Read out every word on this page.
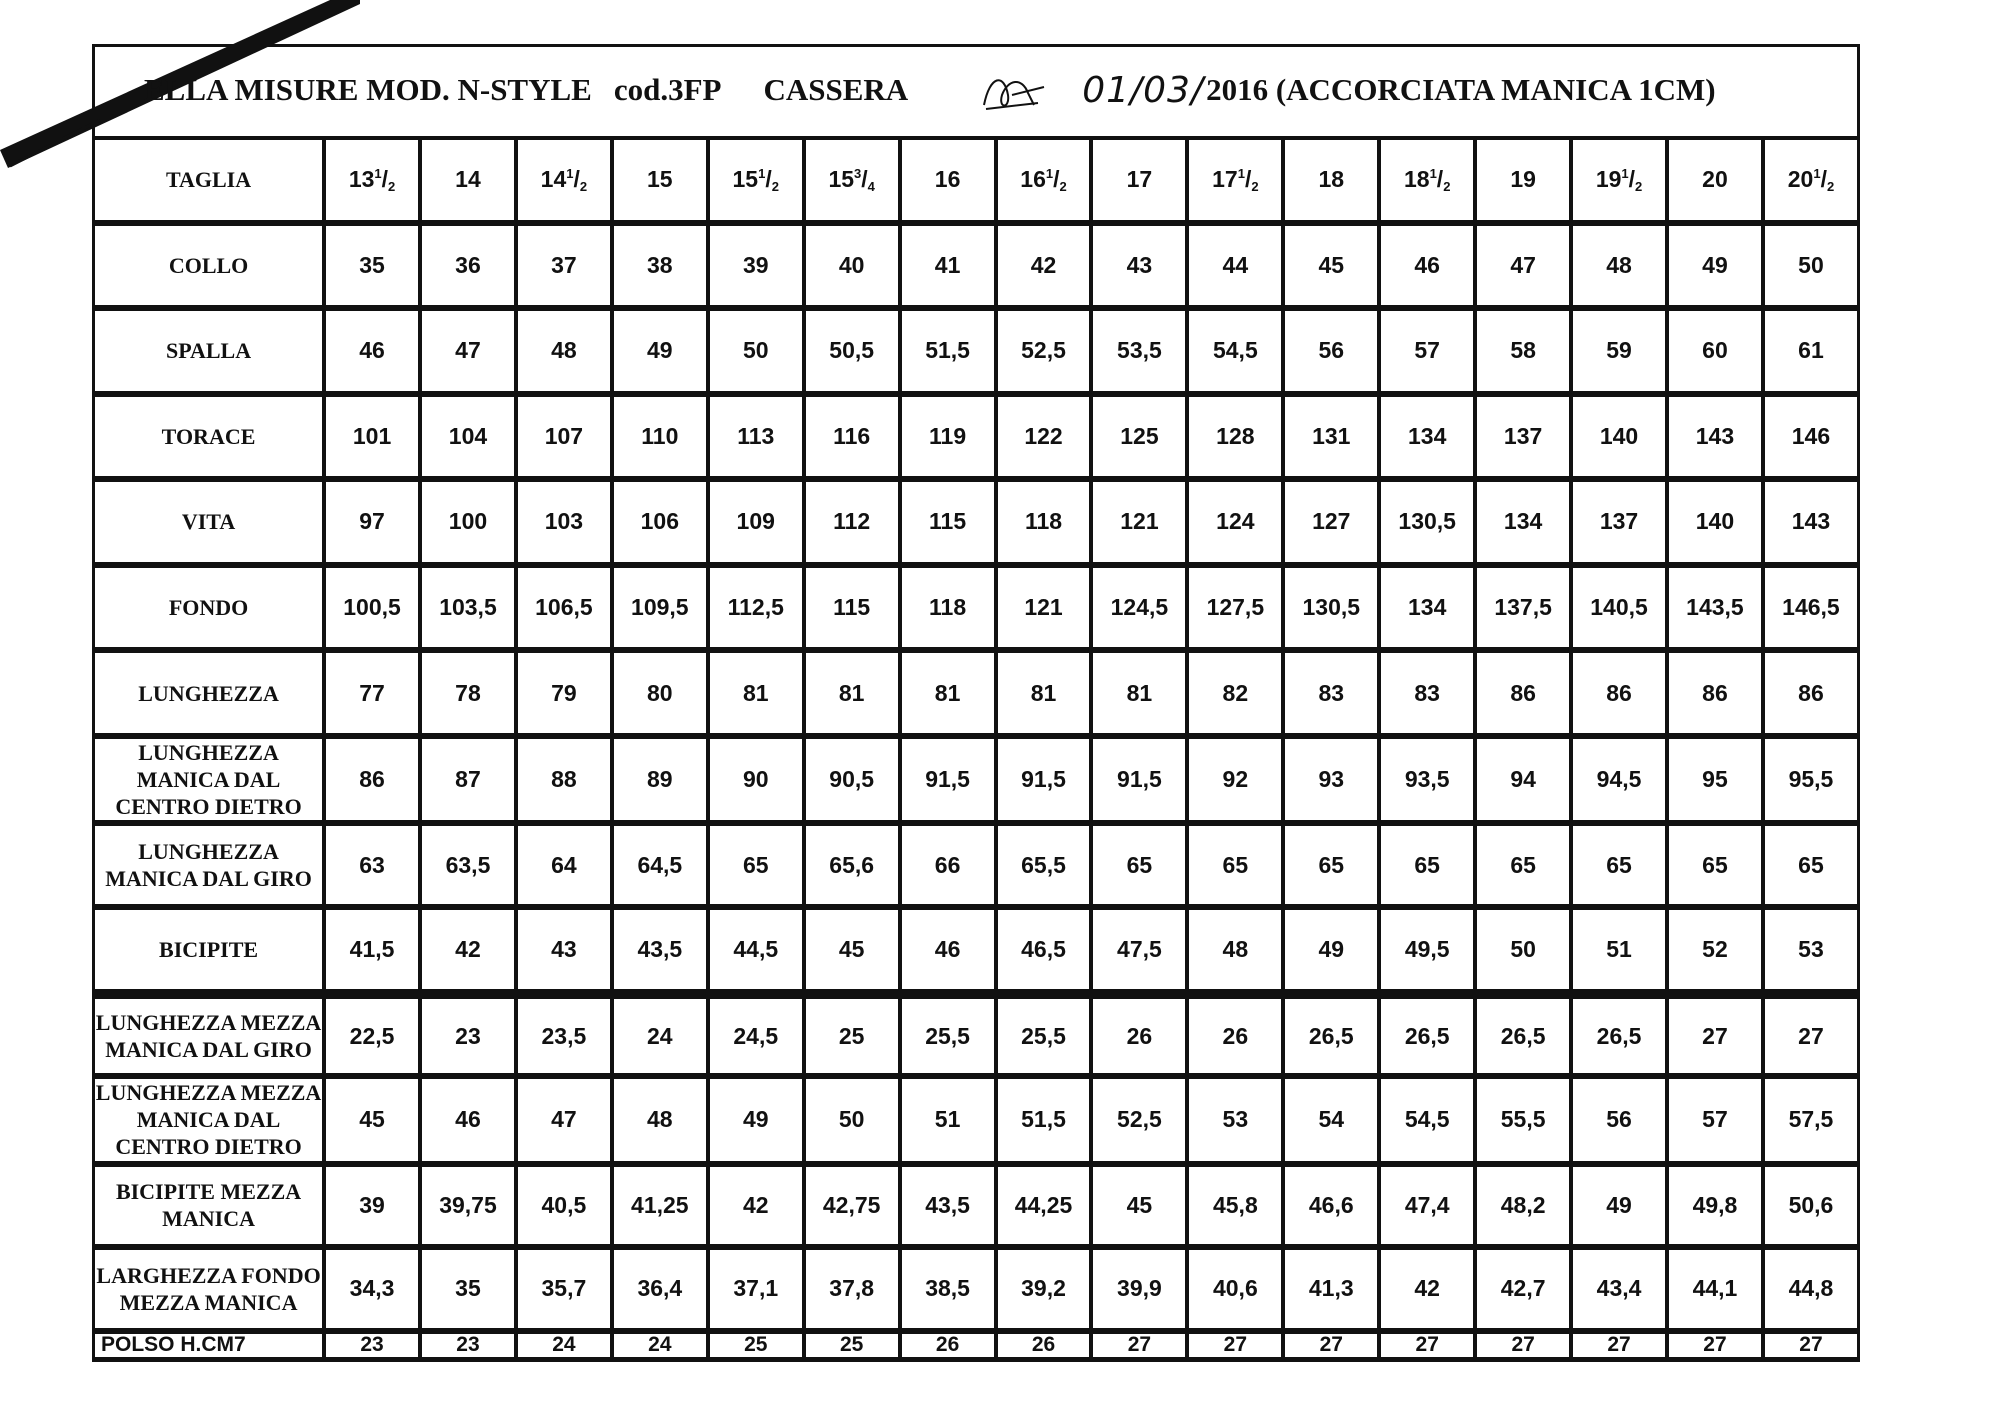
ELLA MISURE MOD. N-STYLE cod.3FP CASSERA	01/03/ 2016 (ACCORCIATA MANICA 1CM)
TAGLIA	$13^1/_2$	14	$14^1/_2$	15	$15^1/_2$	$15^3/_4$	16	$16^1/_2$	17	$17^1/_2$	18	$18^1/_2$	19	$19^1/_2$	20	$20^1/_2$
COLLO	35	36	37	38	39	40	41	42	43	44	45	46	47	48	49	50
SPALLA	46	47	48	49	50	50,5	51,5	52,5	53,5	54,5	56	57	58	59	60	61
TORACE	101	104	107	110	113	116	119	122	125	128	131	134	137	140	143	146
VITA	97	100	103	106	109	112	115	118	121	124	127	130,5	134	137	140	143
FONDO	100,5	103,5	106,5	109,5	112,5	115	118	121	124,5	127,5	130,5	134	137,5	140,5	143,5	146,5
LUNGHEZZA	77	78	79	80	81	81	81	81	81	82	83	83	86	86	86	86
LUNGHEZZA MANICA DAL CENTRO DIETRO	86	87	88	89	90	90,5	91,5	91,5	91,5	92	93	93,5	94	94,5	95	95,5
LUNGHEZZA MANICA DAL GIRO	63	63,5	64	64,5	65	65,6	66	65,5	65	65	65	65	65	65	65	65
BICIPITE	41,5	42	43	43,5	44,5	45	46	46,5	47,5	48	49	49,5	50	51	52	53
LUNGHEZZA MEZZA MANICA DAL GIRO	22,5	23	23,5	24	24,5	25	25,5	25,5	26	26	26,5	26,5	26,5	26,5	27	27
LUNGHEZZA MEZZA MANICA DAL CENTRO DIETRO	45	46	47	48	49	50	51	51,5	52,5	53	54	54,5	55,5	56	57	57,5
BICIPITE MEZZA MANICA	39	39,75	40,5	41,25	42	42,75	43,5	44,25	45	45,8	46,6	47,4	48,2	49	49,8	50,6
LARGHEZZA FONDO MEZZA MANICA	34,3	35	35,7	36,4	37,1	37,8	38,5	39,2	39,9	40,6	41,3	42	42,7	43,4	44,1	44,8
POLSO H.CM7	23	23	24	24	25	25	26	26	27	27	27	27	27	27	27	27
